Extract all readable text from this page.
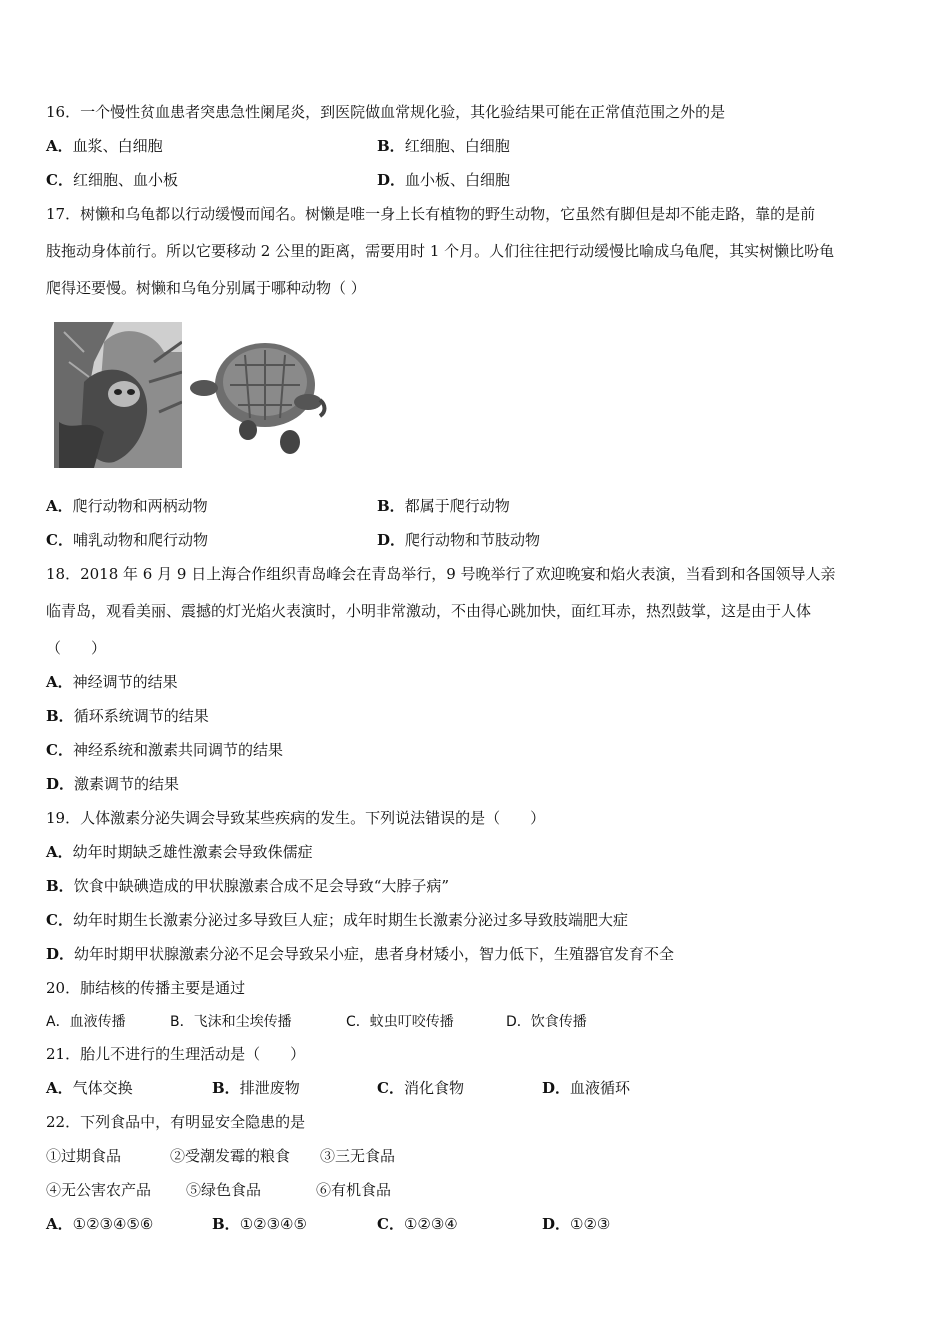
16．一个慢性贫血患者突患急性阑尾炎，到医院做血常规化验，其化验结果可能在正常值范围之外的是
A．血浆、白细胞	B．红细胞、白细胞
C．红细胞、血小板	D．血小板、白细胞
17．树懒和乌龟都以行动缓慢而闻名。树懒是唯一身上长有植物的野生动物，它虽然有脚但是却不能走路，靠的是前
肢拖动身体前行。所以它要移动 2 公里的距离，需要用时 1 个月。人们往往把行动缓慢比喻成乌龟爬，其实树懒比吩龟
爬得还要慢。树懒和乌龟分别属于哪种动物（ ）
A．爬行动物和两柄动物	B．都属于爬行动物
C．哺乳动物和爬行动物	D．爬行动物和节肢动物
18．2018 年 6 月 9 日上海合作组织青岛峰会在青岛举行，9 号晚举行了欢迎晚宴和焰火表演，当看到和各国领导人亲
临青岛，观看美丽、震撼的灯光焰火表演时，小明非常激动，不由得心跳加快，面红耳赤，热烈鼓掌，这是由于人体
（　　）
A．神经调节的结果
B．循环系统调节的结果
C．神经系统和激素共同调节的结果
D．激素调节的结果
19．人体激素分泌失调会导致某些疾病的发生。下列说法错误的是（　　）
A．幼年时期缺乏雄性激素会导致侏儒症
B．饮食中缺碘造成的甲状腺激素合成不足会导致“大脖子病”
C．幼年时期生长激素分泌过多导致巨人症；成年时期生长激素分泌过多导致肢端肥大症
D．幼年时期甲状腺激素分泌不足会导致呆小症，患者身材矮小，智力低下，生殖器官发育不全
20．肺结核的传播主要是通过
A．血液传播	B．飞沫和尘埃传播	C．蚊虫叮咬传播	D．饮食传播
21．胎儿不进行的生理活动是（　　）
A．气体交换	B．排泄废物	C．消化食物	D．血液循环
22．下列食品中，有明显安全隐患的是
①过期食品	②受潮发霉的粮食 ③三无食品
④无公害农产品 ⑤绿色食品	⑥有机食品
A．①②③④⑤⑥	B．①②③④⑤	C．①②③④	D．①②③
